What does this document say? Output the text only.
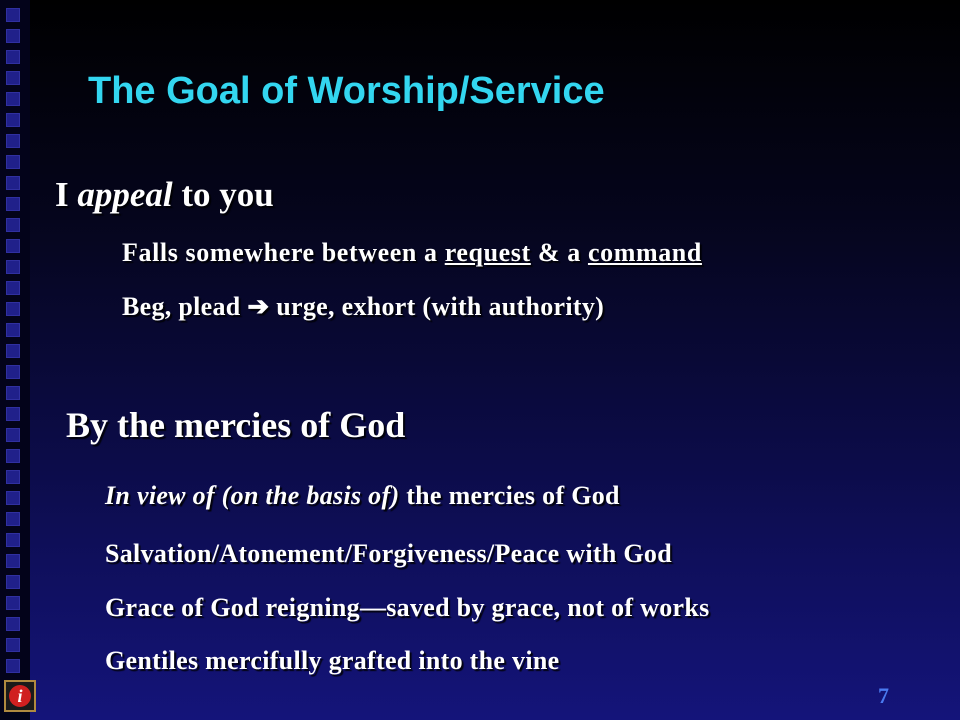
The Goal of Worship/Service
I appeal to you
Falls somewhere between a request & a command
Beg, plead ➔ urge, exhort (with authority)
By the mercies of God
In view of (on the basis of) the mercies of God
Salvation/Atonement/Forgiveness/Peace with God
Grace of God reigning—saved by grace, not of works
Gentiles mercifully grafted into the vine
7
i
